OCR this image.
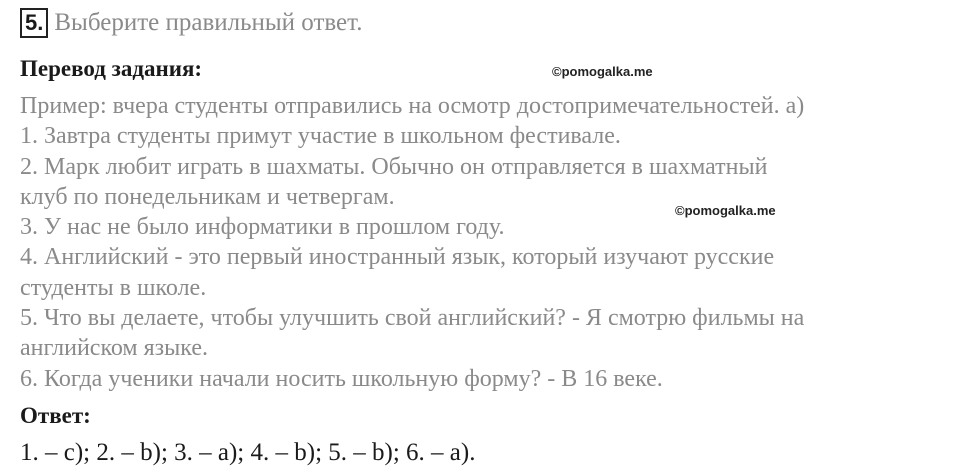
5. Выберите правильный ответ.
Перевод задания:	©pomogalka.me
Пример: вчера студенты отправились на осмотр достопримечательностей. а)
1. Завтра студенты примут участие в школьном фестивале.
2. Марк любит играть в шахматы. Обычно он отправляется в шахматный
клуб по понедельникам и четвергам.
3. У нас не было информатики в прошлом году.
4. Английский - это первый иностранный язык, который изучают русские
студенты в школе.
5. Что вы делаете, чтобы улучшить свой английский? - Я смотрю фильмы на
английском языке.
6. Когда ученики начали носить школьную форму? - В 16 веке.
©pomogalka.me
Ответ:
1. – c); 2. – b); 3. – a); 4. – b); 5. – b); 6. – a).
